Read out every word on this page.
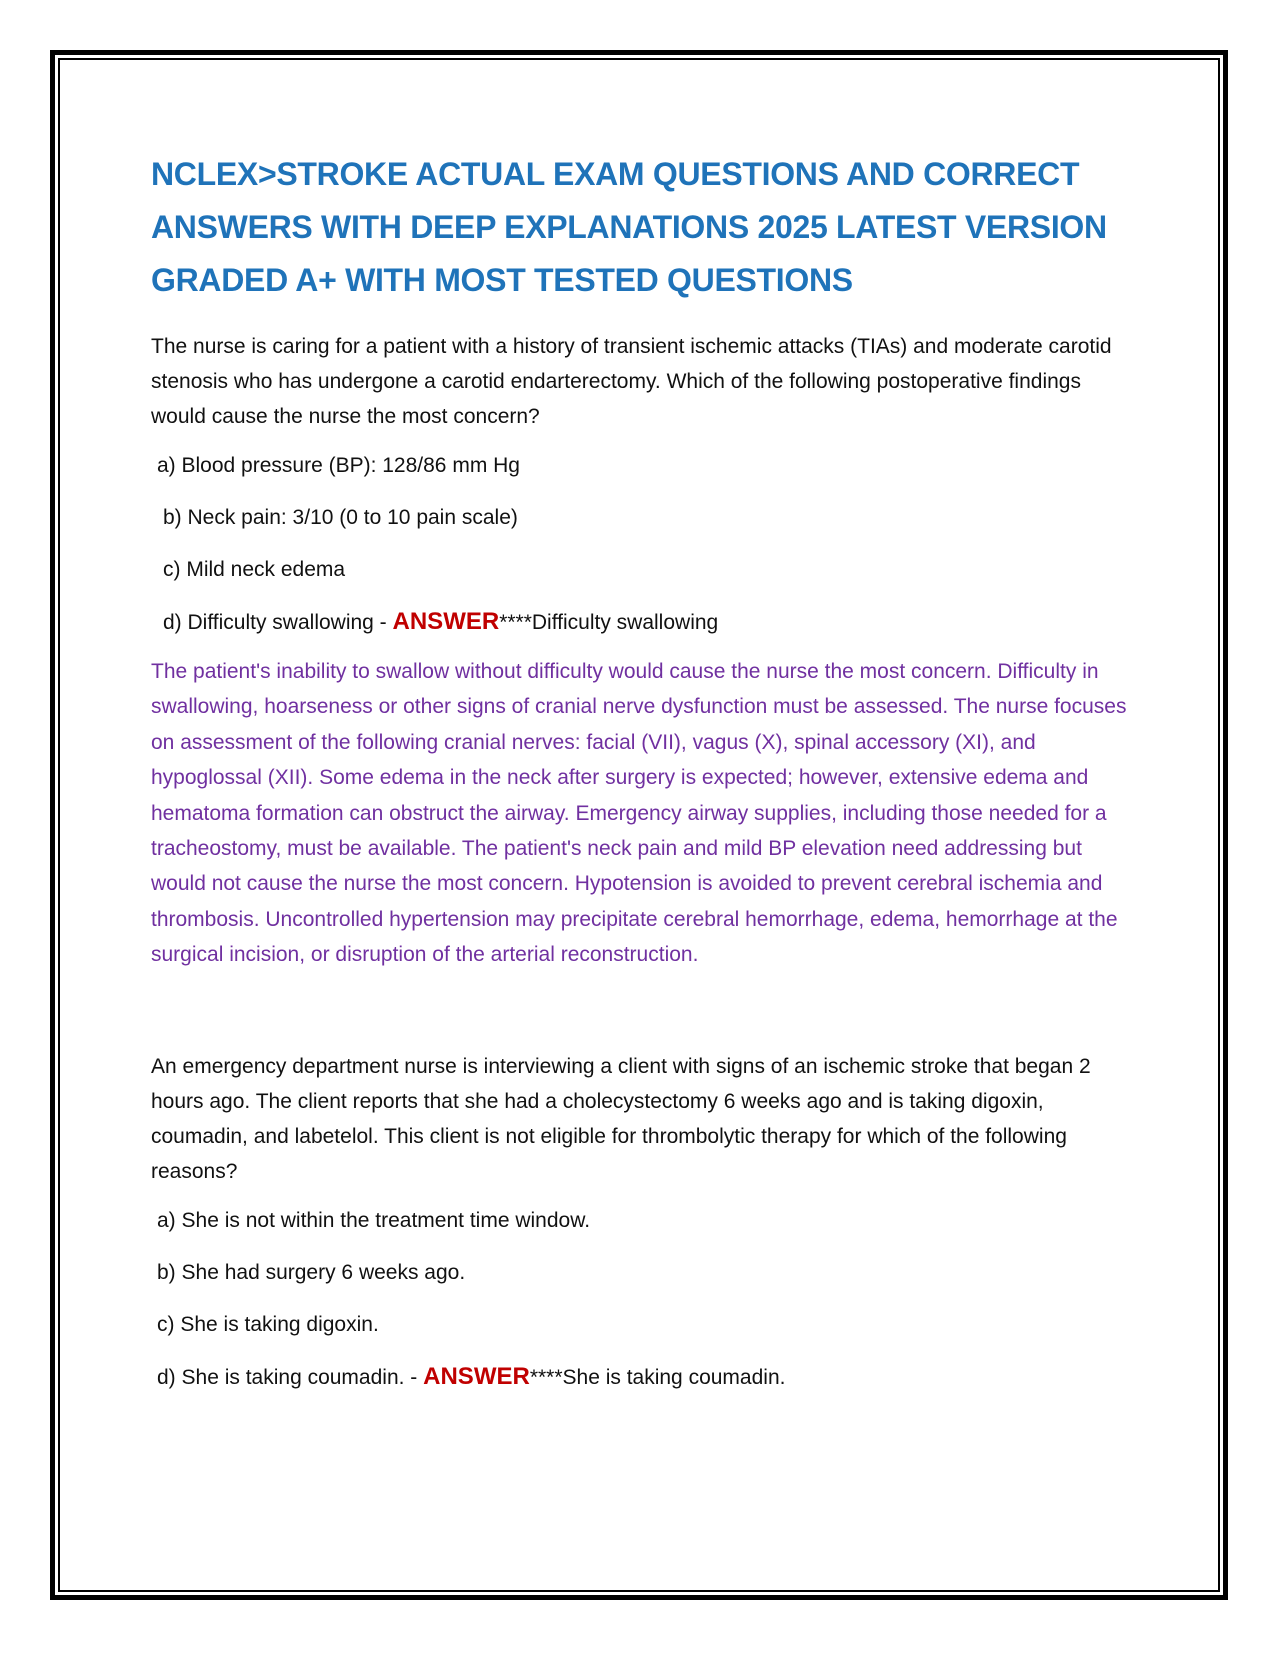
NCLEX>STROKE ACTUAL EXAM QUESTIONS AND CORRECT ANSWERS WITH DEEP EXPLANATIONS 2025 LATEST VERSION GRADED A+ WITH MOST TESTED QUESTIONS

The nurse is caring for a patient with a history of transient ischemic attacks (TIAs) and moderate carotid stenosis who has undergone a carotid endarterectomy. Which of the following postoperative findings would cause the nurse the most concern?

a) Blood pressure (BP): 128/86 mm Hg

b) Neck pain: 3/10 (0 to 10 pain scale)

c) Mild neck edema

d) Difficulty swallowing - ANSWER****Difficulty swallowing

The patient's inability to swallow without difficulty would cause the nurse the most concern. Difficulty in swallowing, hoarseness or other signs of cranial nerve dysfunction must be assessed. The nurse focuses on assessment of the following cranial nerves: facial (VII), vagus (X), spinal accessory (XI), and hypoglossal (XII). Some edema in the neck after surgery is expected; however, extensive edema and hematoma formation can obstruct the airway. Emergency airway supplies, including those needed for a tracheostomy, must be available. The patient's neck pain and mild BP elevation need addressing but would not cause the nurse the most concern. Hypotension is avoided to prevent cerebral ischemia and thrombosis. Uncontrolled hypertension may precipitate cerebral hemorrhage, edema, hemorrhage at the surgical incision, or disruption of the arterial reconstruction.

An emergency department nurse is interviewing a client with signs of an ischemic stroke that began 2 hours ago. The client reports that she had a cholecystectomy 6 weeks ago and is taking digoxin, coumadin, and labetelol. This client is not eligible for thrombolytic therapy for which of the following reasons?

a) She is not within the treatment time window.

b) She had surgery 6 weeks ago.

c) She is taking digoxin.

d) She is taking coumadin. - ANSWER****She is taking coumadin.
